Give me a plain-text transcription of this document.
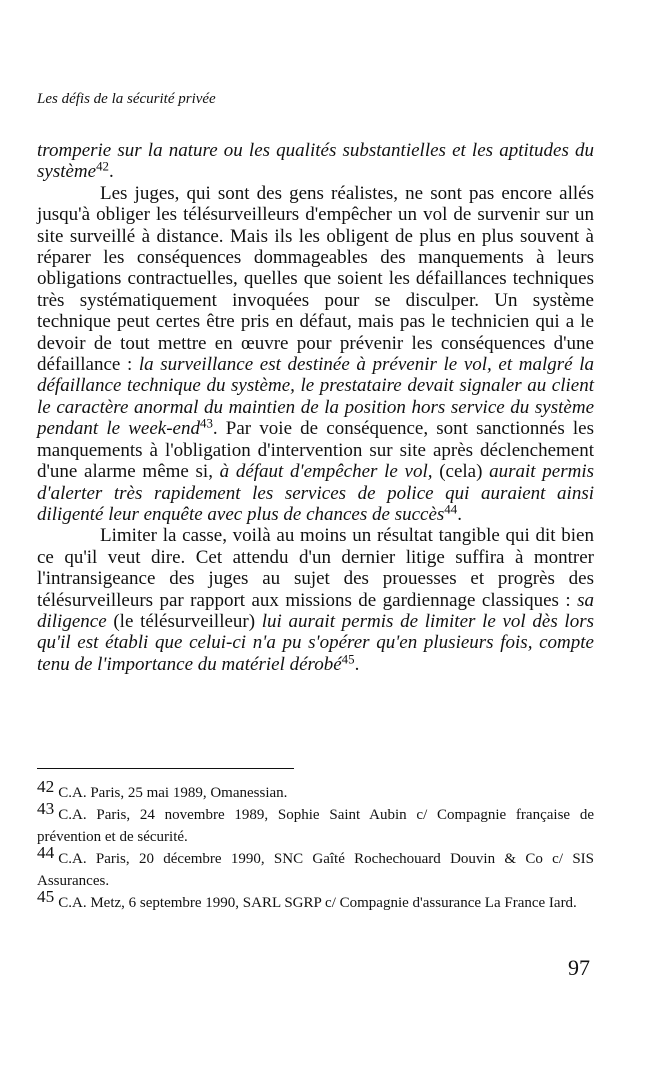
Les défis de la sécurité privée

tromperie sur la nature ou les qualités substantielles et les aptitudes du système$^{42}$.

Les juges, qui sont des gens réalistes, ne sont pas encore allés jusqu'à obliger les télésurveilleurs d'empêcher un vol de survenir sur un site surveillé à distance. Mais ils les obligent de plus en plus souvent à réparer les conséquences dommageables des manquements à leurs obligations contractuelles, quelles que soient les défaillances techniques très systématiquement invoquées pour se disculper. Un système technique peut certes être pris en défaut, mais pas le technicien qui a le devoir de tout mettre en œuvre pour prévenir les conséquences d'une défaillance : la surveillance est destinée à prévenir le vol, et malgré la défaillance technique du système, le prestataire devait signaler au client le caractère anormal du maintien de la position hors service du système pendant le week-end$^{43}$. Par voie de conséquence, sont sanctionnés les manquements à l'obligation d'intervention sur site après déclenchement d'une alarme même si, à défaut d'empêcher le vol, (cela) aurait permis d'alerter très rapidement les services de police qui auraient ainsi diligenté leur enquête avec plus de chances de succès$^{44}$.

Limiter la casse, voilà au moins un résultat tangible qui dit bien ce qu'il veut dire. Cet attendu d'un dernier litige suffira à montrer l'intransigeance des juges au sujet des prouesses et progrès des télésurveilleurs par rapport aux missions de gardiennage classiques : sa diligence (le télésurveilleur) lui aurait permis de limiter le vol dès lors qu'il est établi que celui-ci n'a pu s'opérer qu'en plusieurs fois, compte tenu de l'importance du matériel dérobé$^{45}$.

$^{42}$ C.A. Paris, 25 mai 1989, Omanessian.

$^{43}$ C.A. Paris, 24 novembre 1989, Sophie Saint Aubin c/ Compagnie française de prévention et de sécurité.

$^{44}$ C.A. Paris, 20 décembre 1990, SNC Gaîté Rochechouard Douvin & Co c/ SIS Assurances.

$^{45}$ C.A. Metz, 6 septembre 1990, SARL SGRP c/ Compagnie d'assurance La France Iard.

97
